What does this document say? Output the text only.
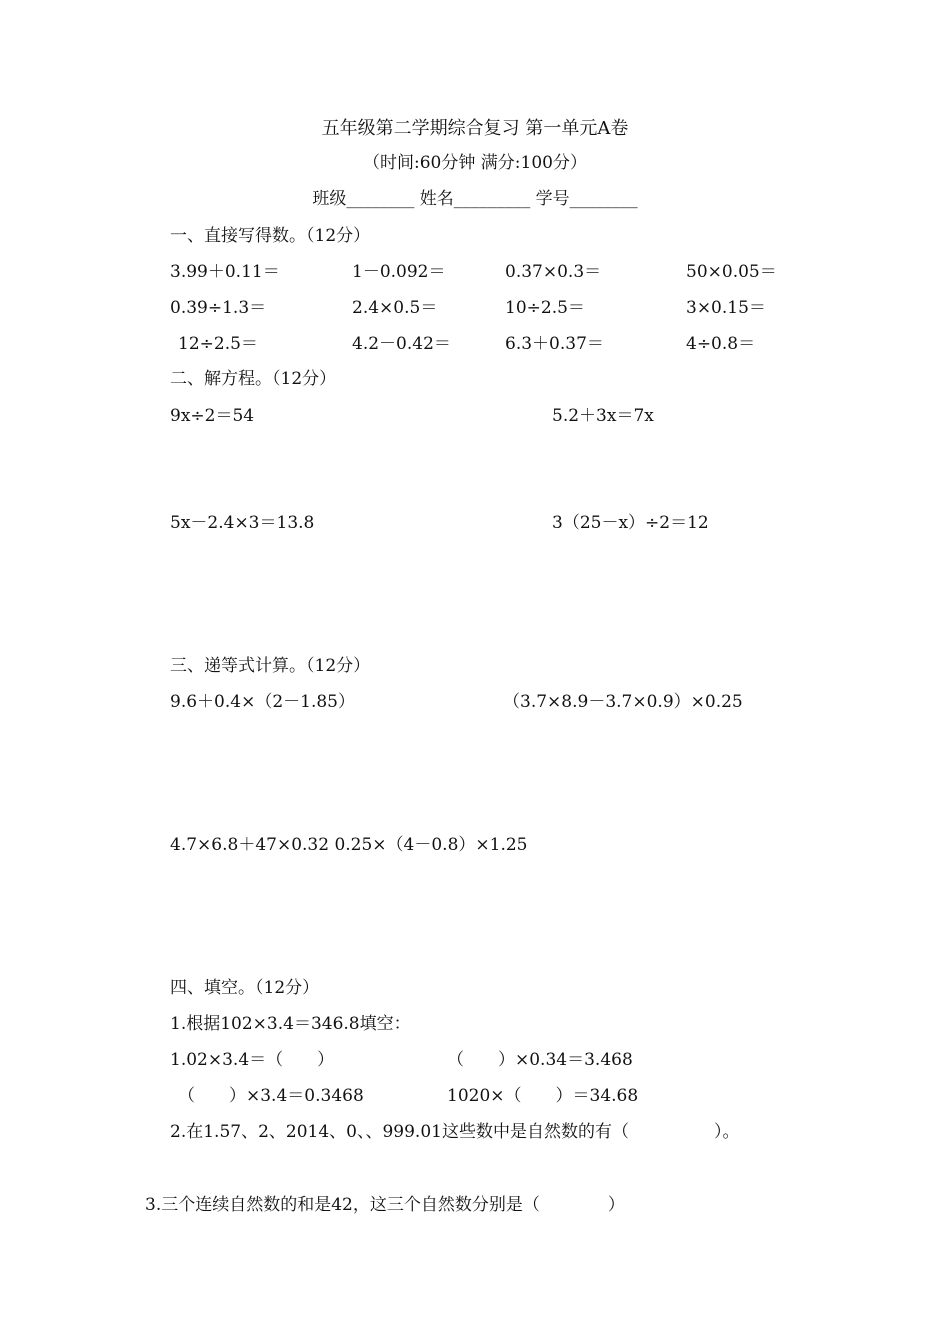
五年级第二学期综合复习 第一单元A卷
（时间:60分钟 满分:100分）
班级________ 姓名_________ 学号________
一、直接写得数。（12分）
3.99＋0.11＝	1－0.092＝	0.37×0.3＝	50×0.05＝
0.39÷1.3＝	2.4×0.5＝	10÷2.5＝	3×0.15＝
12÷2.5＝	4.2－0.42＝	6.3＋0.37＝	4÷0.8＝
二、解方程。（12分）
9x÷2＝54	5.2＋3x＝7x
5x－2.4×3＝13.8	3（25－x）÷2＝12
三、递等式计算。（12分）
9.6＋0.4×（2－1.85）	（3.7×8.9－3.7×0.9）×0.25
4.7×6.8＋47×0.32 0.25×（4－0.8）×1.25
四、填空。（12分）
1.根据102×3.4＝346.8填空：
1.02×3.4＝（　　）	（　　）×0.34＝3.468
（　　）×3.4＝0.3468	1020×（　　）＝34.68
2.在1.57、2、2014、0、、999.01这些数中是自然数的有（　　　　　）。
3.三个连续自然数的和是42，这三个自然数分别是（　　　　）
